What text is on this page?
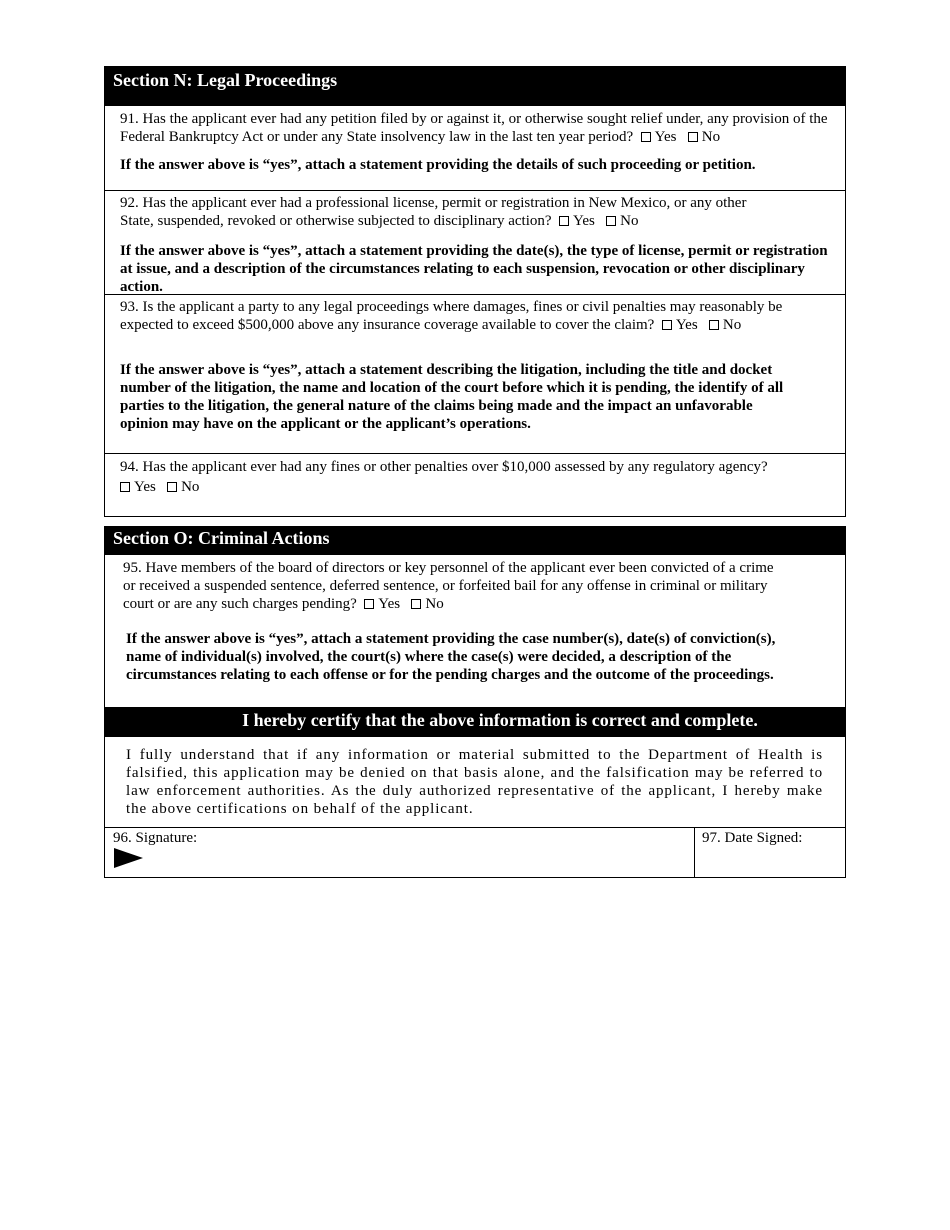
Section N: Legal Proceedings
91. Has the applicant ever had any petition filed by or against it, or otherwise sought relief under, any provision of the Federal Bankruptcy Act or under any State insolvency law in the last ten year period? Yes No
If the answer above is “yes”, attach a statement providing the details of such proceeding or petition.
92. Has the applicant ever had a professional license, permit or registration in New Mexico, or any other State, suspended, revoked or otherwise subjected to disciplinary action? Yes No
If the answer above is “yes”, attach a statement providing the date(s), the type of license, permit or registration at issue, and a description of the circumstances relating to each suspension, revocation or other disciplinary action.
93. Is the applicant a party to any legal proceedings where damages, fines or civil penalties may reasonably be expected to exceed $500,000 above any insurance coverage available to cover the claim? Yes No
If the answer above is “yes”, attach a statement describing the litigation, including the title and docket number of the litigation, the name and location of the court before which it is pending, the identify of all parties to the litigation, the general nature of the claims being made and the impact an unfavorable opinion may have on the applicant or the applicant’s operations.
94. Has the applicant ever had any fines or other penalties over $10,000 assessed by any regulatory agency?
Yes No
Section O: Criminal Actions
95. Have members of the board of directors or key personnel of the applicant ever been convicted of a crime or received a suspended sentence, deferred sentence, or forfeited bail for any offense in criminal or military court or are any such charges pending? Yes No
If the answer above is “yes”, attach a statement providing the case number(s), date(s) of conviction(s), name of individual(s) involved, the court(s) where the case(s) were decided, a description of the circumstances relating to each offense or for the pending charges and the outcome of the proceedings.
I hereby certify that the above information is correct and complete.
I fully understand that if any information or material submitted to the Department of Health is falsified, this application may be denied on that basis alone, and the falsification may be referred to law enforcement authorities. As the duly authorized representative of the applicant, I hereby make the above certifications on behalf of the applicant.
96. Signature:	97. Date Signed:
